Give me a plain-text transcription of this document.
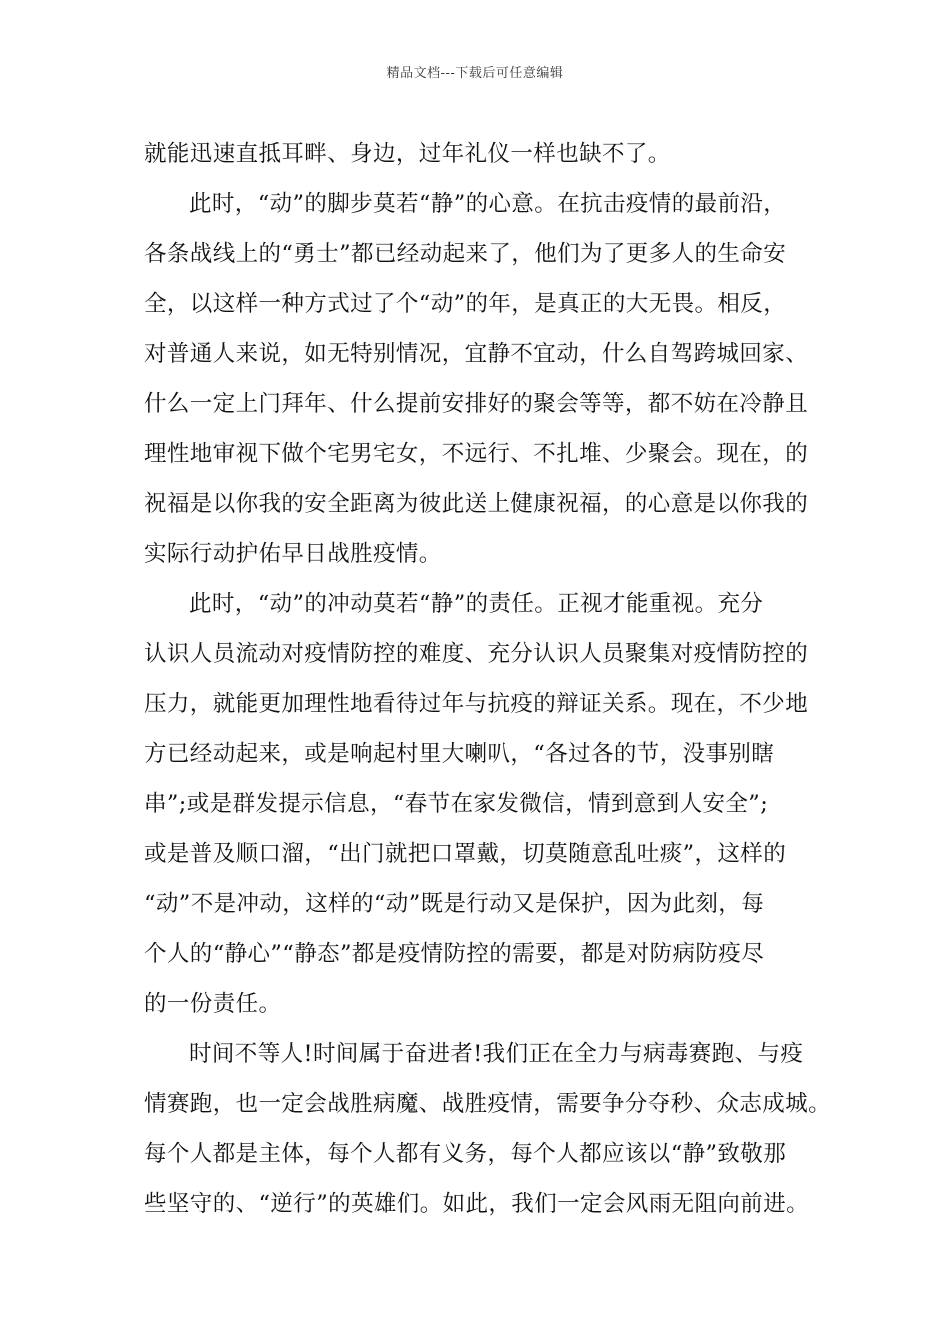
精品文档---下载后可任意编辑
就能迅速直抵耳畔、身边，过年礼仪一样也缺不了。
此时，“动”的脚步莫若“静”的心意。在抗击疫情的最前沿，
各条战线上的“勇士”都已经动起来了，他们为了更多人的生命安
全，以这样一种方式过了个“动”的年，是真正的大无畏。相反，
对普通人来说，如无特别情况，宜静不宜动，什么自驾跨城回家、
什么一定上门拜年、什么提前安排好的聚会等等，都不妨在冷静且
理性地审视下做个宅男宅女，不远行、不扎堆、少聚会。现在，的
祝福是以你我的安全距离为彼此送上健康祝福，的心意是以你我的
实际行动护佑早日战胜疫情。
此时，“动”的冲动莫若“静”的责任。正视才能重视。充分
认识人员流动对疫情防控的难度、充分认识人员聚集对疫情防控的
压力，就能更加理性地看待过年与抗疫的辩证关系。现在，不少地
方已经动起来，或是响起村里大喇叭，“各过各的节，没事别瞎
串”;或是群发提示信息，“春节在家发微信，情到意到人安全”;
或是普及顺口溜，“出门就把口罩戴，切莫随意乱吐痰”，这样的
“动”不是冲动，这样的“动”既是行动又是保护，因为此刻，每
个人的“静心”“静态”都是疫情防控的需要，都是对防病防疫尽
的一份责任。
时间不等人!时间属于奋进者!我们正在全力与病毒赛跑、与疫
情赛跑，也一定会战胜病魔、战胜疫情，需要争分夺秒、众志成城。
每个人都是主体，每个人都有义务，每个人都应该以“静”致敬那
些坚守的、“逆行”的英雄们。如此，我们一定会风雨无阻向前进。
